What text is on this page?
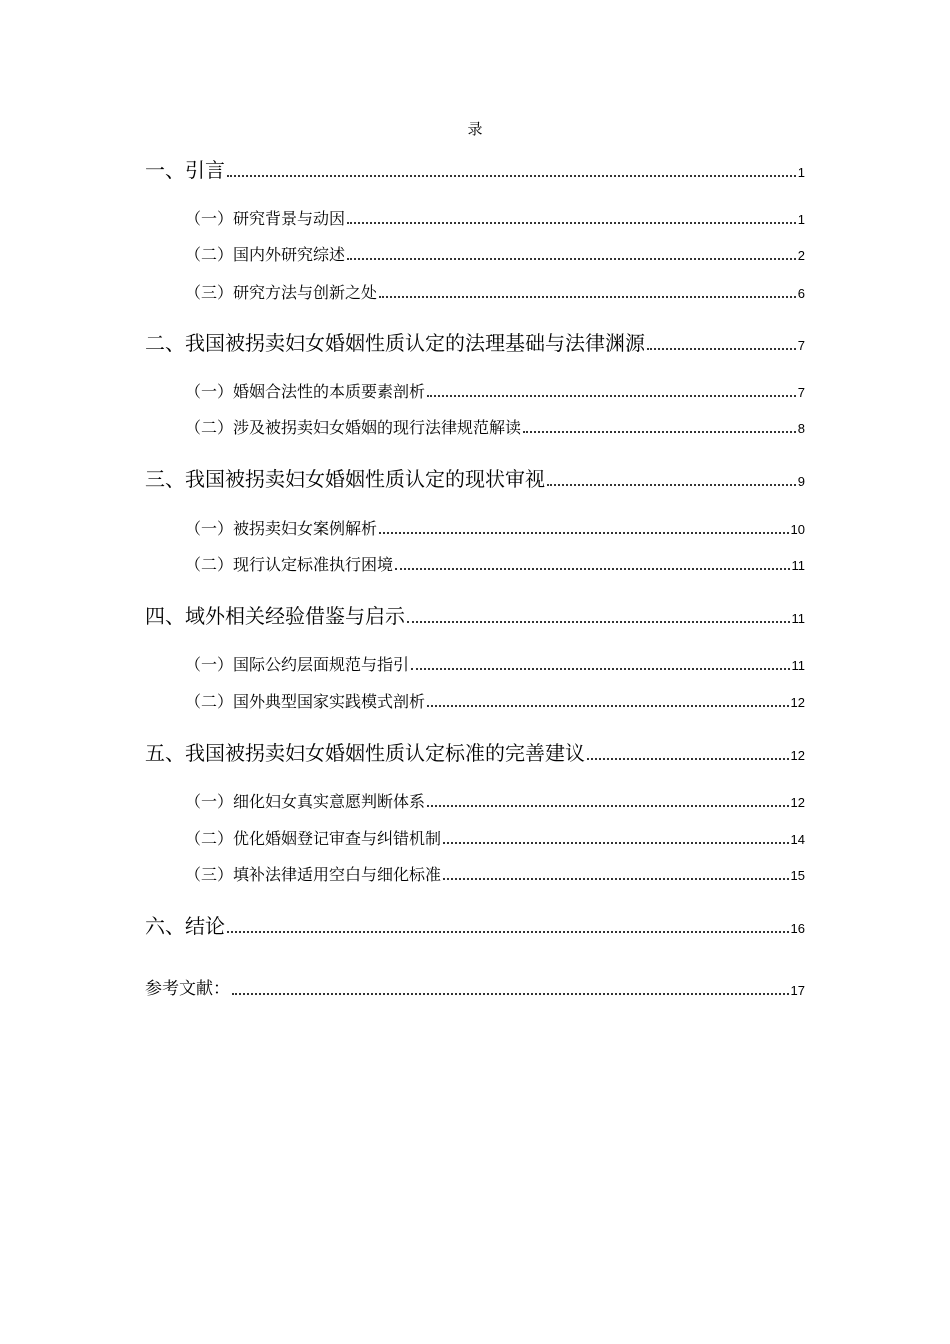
录
一、引言	1
（一）研究背景与动因	1
（二）国内外研究综述	2
（三）研究方法与创新之处	6
二、我国被拐卖妇女婚姻性质认定的法理基础与法律渊源	7
（一）婚姻合法性的本质要素剖析	7
（二）涉及被拐卖妇女婚姻的现行法律规范解读	8
三、我国被拐卖妇女婚姻性质认定的现状审视	9
（一）被拐卖妇女案例解析	10
（二）现行认定标准执行困境	11
四、域外相关经验借鉴与启示	11
（一）国际公约层面规范与指引	11
（二）国外典型国家实践模式剖析	12
五、我国被拐卖妇女婚姻性质认定标准的完善建议	12
（一）细化妇女真实意愿判断体系	12
（二）优化婚姻登记审查与纠错机制	14
（三）填补法律适用空白与细化标准	15
六、结论	16
参考文献：	17
